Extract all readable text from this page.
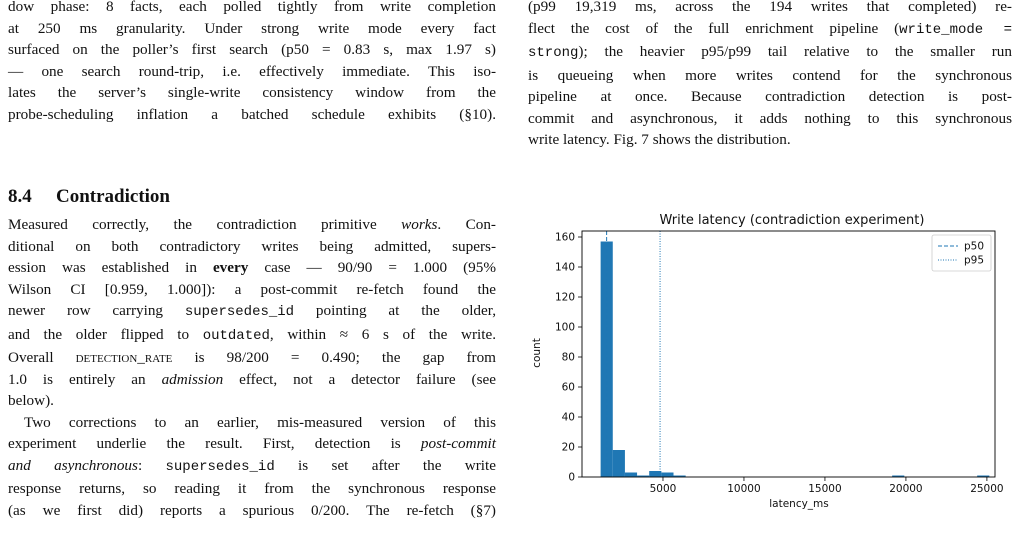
dow phase: 8 facts, each polled tightly from write completion
at 250 ms granularity. Under strong write mode every fact
surfaced on the poller’s first search (p50 = 0.83 s, max 1.97 s)
— one search round-trip, i.e. effectively immediate. This iso-
lates the server’s single-write consistency window from the
probe-scheduling inflation a batched schedule exhibits (§10).
Measured correctly, the contradiction primitive works. Con-
ditional on both contradictory writes being admitted, supers-
ession was established in every case — 90/90 = 1.000 (95%
Wilson CI [0.959, 1.000]): a post-commit re-fetch found the
newer row carrying supersedes_id pointing at the older,
and the older flipped to outdated, within ≈ 6 s of the write.
Overall detection_rate is 98/200 = 0.490; the gap from
1.0 is entirely an admission effect, not a detector failure (see
below).
Two corrections to an earlier, mis-measured version of this
experiment underlie the result. First, detection is post-commit
and asynchronous: supersedes_id is set after the write
response returns, so reading it from the synchronous response
(as we first did) reports a spurious 0/200. The re-fetch (§7)
8.4 Contradiction
(p99 19,319 ms, across the 194 writes that completed) re-
flect the cost of the full enrichment pipeline (write_mode =
strong); the heavier p95/p99 tail relative to the smaller run
is queueing when more writes contend for the synchronous
pipeline at once. Because contradiction detection is post-
commit and asynchronous, it adds nothing to this synchronous
write latency. Fig. 7 shows the distribution.
Write latency (contradiction experiment)
5000	10000	15000	20000	25000
0
20
40
60
80
100
120
140
160
p50
p95
latency_ms
count
